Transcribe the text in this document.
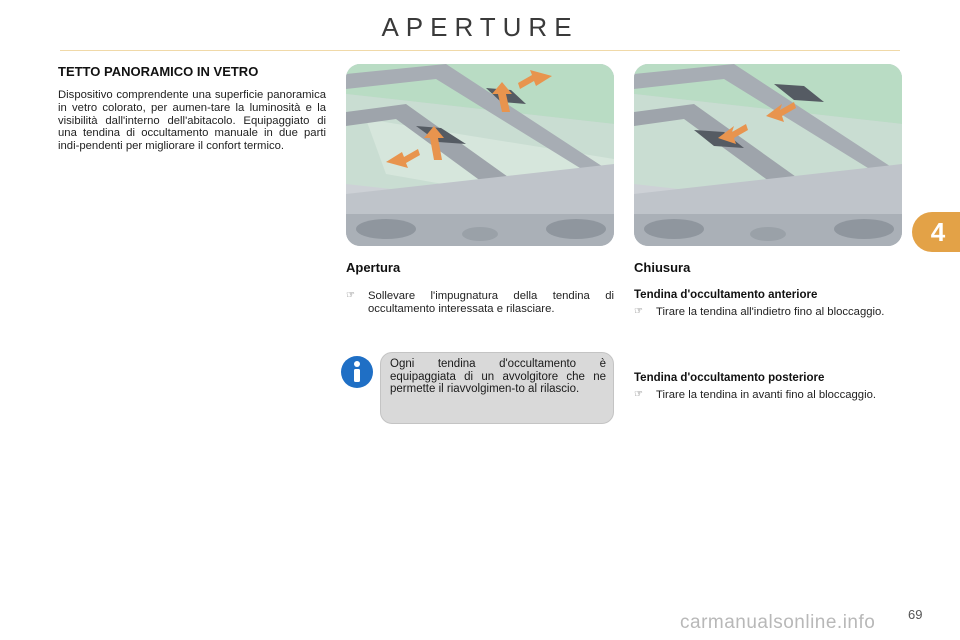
APERTURE
TETTO PANORAMICO IN VETRO
Dispositivo comprendente una superficie panoramica in vetro colorato, per aumen-tare la luminosità e la visibilità dall'interno dell'abitacolo. Equipaggiato di una tendina di occultamento manuale in due parti indi-pendenti per migliorare il confort termico.
Apertura
☞ Sollevare l'impugnatura della tendina di occultamento interessata e rilasciare.
Chiusura
Tendina d'occultamento anteriore
☞ Tirare la tendina all'indietro fino al bloccaggio.
Tendina d'occultamento posteriore
☞ Tirare la tendina in avanti fino al bloccaggio.
Ogni tendina d'occultamento è equipaggiata di un avvolgitore che ne permette il riavvolgimen-to al rilascio.
4
69
carmanualsonline.info
